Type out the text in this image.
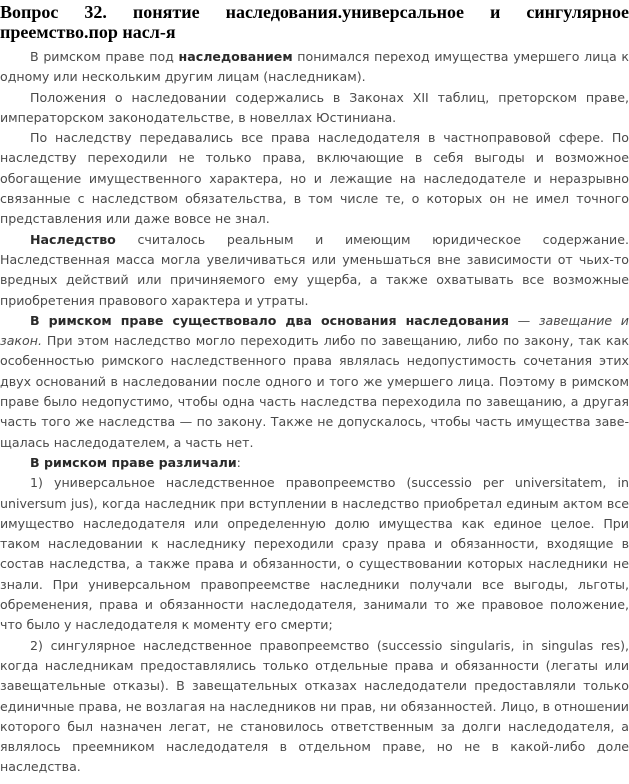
Вопрос 32. понятие наследования.универсальное и сингулярное преемство.пор насл-я

В римском праве под наследованием понимался переход имущества умершего лица к одному или нескольким другим лицам (наследникам).

Положения о наследовании содержались в Законах XII таблиц, преторском праве, императорском законодательстве, в новеллах Юстиниана.

По наследству передавались все права наследодателя в частноправовой сфере. По наследству переходили не только права, включающие в себя выгоды и возможное обогащение имущественного характера, но и лежащие на наследодателе и неразрывно связанные с наследством обязательства, в том числе те, о которых он не имел точного представления или даже вовсе не знал.

Наследство считалось реальным и имеющим юридическое содержание. Наследственная масса могла увеличиваться или уменьшаться вне зависимости от чьих-то вредных действий или причиняемого ему ущерба, а также охватывать все возможные приобретения правового характера и утраты.

В римском праве существовало два основания наследования — завещание и закон. При этом наследство могло переходить либо по завещанию, либо по закону, так как особенностью римского наследственного права являлась недопустимость сочетания этих двух оснований в наследовании после одного и того же умершего лица. Поэтому в римском праве было недопустимо, чтобы одна часть наследства переходила по завещанию, а другая часть того же наследства — по закону. Также не допускалось, чтобы часть имущества заве-щалась наследодателем, а часть нет.

В римском праве различали:

1) универсальное наследственное правопреемство (successio per universitatem, in universum jus), когда наследник при вступлении в наследство приобретал единым актом все имущество наследодателя или определенную долю имущества как единое целое. При таком наследовании к наследнику переходили сразу права и обязанности, входящие в состав наследства, а также права и обязанности, о существовании которых наследники не знали. При универсальном правопреемстве наследники получали все выгоды, льготы, обременения, права и обязанности наследодателя, занимали то же правовое положение, что было у наследодателя к моменту его смерти;

2) сингулярное наследственное правопреемство (successio singularis, in singulas res), когда наследникам предоставлялись только отдельные права и обязанности (легаты или завещательные отказы). В завещательных отказах наследодатели предоставляли только единичные права, не возлагая на наследников ни прав, ни обязанностей. Лицо, в отношении которого был назначен легат, не становилось ответственным за долги наследодателя, а являлось преемником наследодателя в отдельном праве, но не в какой-либо доле наследства.
